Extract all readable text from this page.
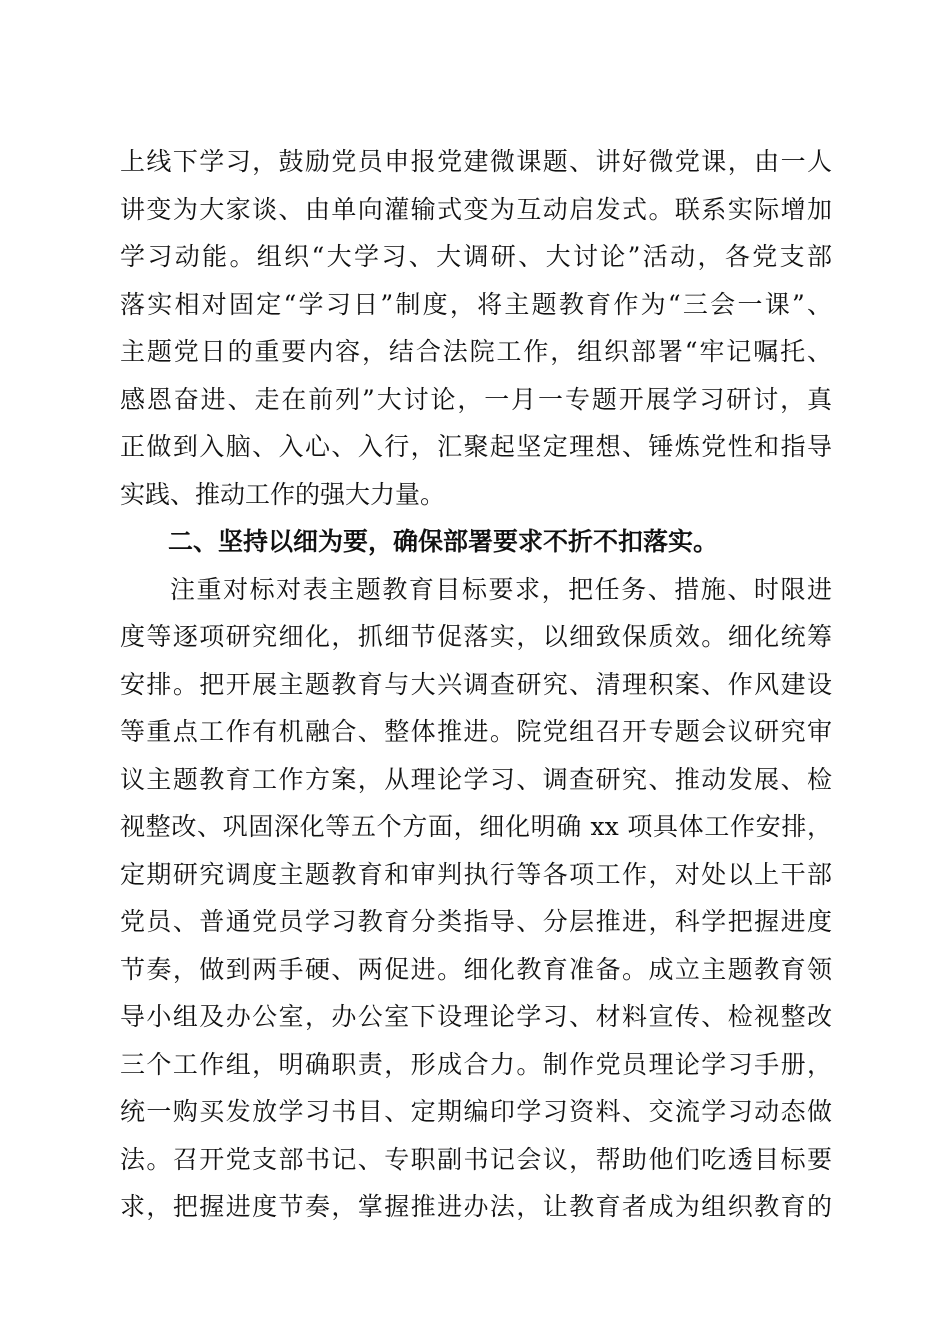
上线下学习，鼓励党员申报党建微课题、讲好微党课，由一人
讲变为大家谈、由单向灌输式变为互动启发式。联系实际增加
学习动能。组织“大学习、大调研、大讨论”活动，各党支部
落实相对固定“学习日”制度，将主题教育作为“三会一课”、
主题党日的重要内容，结合法院工作，组织部署“牢记嘱托、
感恩奋进、走在前列”大讨论，一月一专题开展学习研讨，真
正做到入脑、入心、入行，汇聚起坚定理想、锤炼党性和指导
实践、推动工作的强大力量。
二、坚持以细为要，确保部署要求不折不扣落实。
注重对标对表主题教育目标要求，把任务、措施、时限进
度等逐项研究细化，抓细节促落实，以细致保质效。细化统筹
安排。把开展主题教育与大兴调查研究、清理积案、作风建设
等重点工作有机融合、整体推进。院党组召开专题会议研究审
议主题教育工作方案，从理论学习、调查研究、推动发展、检
视整改、巩固深化等五个方面，细化明确 xx 项具体工作安排，
定期研究调度主题教育和审判执行等各项工作，对处以上干部
党员、普通党员学习教育分类指导、分层推进，科学把握进度
节奏，做到两手硬、两促进。细化教育准备。成立主题教育领
导小组及办公室，办公室下设理论学习、材料宣传、检视整改
三个工作组，明确职责，形成合力。制作党员理论学习手册，
统一购买发放学习书目、定期编印学习资料、交流学习动态做
法。召开党支部书记、专职副书记会议，帮助他们吃透目标要
求，把握进度节奏，掌握推进办法，让教育者成为组织教育的
